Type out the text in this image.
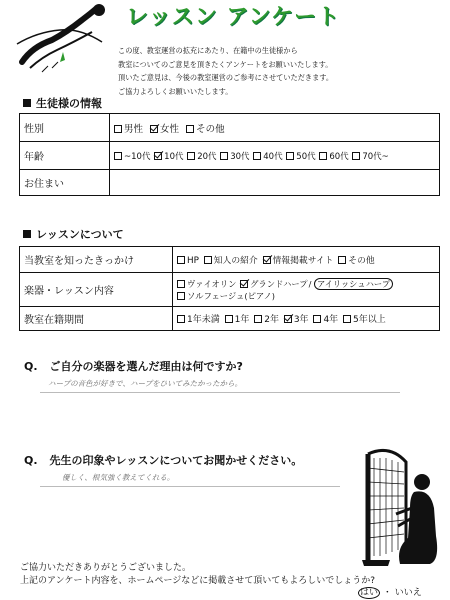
レッスン アンケート
この度、教室運営の拡充にあたり、在籍中の生徒様から
教室についてのご意見を頂きたくアンケートをお願いいたします。
頂いたご意見は、今後の教室運営のご参考にさせていただきます。
ご協力よろしくお願いいたします。
生徒様の情報
性別	男性 女性 その他
年齢	~10代 10代 20代 30代 40代 50代 60代 70代~
お住まい	
レッスンについて
当教室を知ったきっかけ	HP 知人の紹介 情報掲載サイト その他
楽器・レッスン内容	ヴァイオリン グランドハープ/ アイリッシュハープ
ソルフェージュ(ピアノ)

教室在籍期間	1年未満 1年 2年 3年 4年 5年以上
Q. ご自分の楽器を選んだ理由は何ですか?
ハープの音色が好きで、ハープをひいてみたかったから。
Q. 先生の印象やレッスンについてお聞かせください。
優しく、根気強く教えてくれる。
ご協力いただきありがとうございました。
上記のアンケート内容を、ホームページなどに掲載させて頂いてもよろしいでしょうか?
はい ・ いいえ
